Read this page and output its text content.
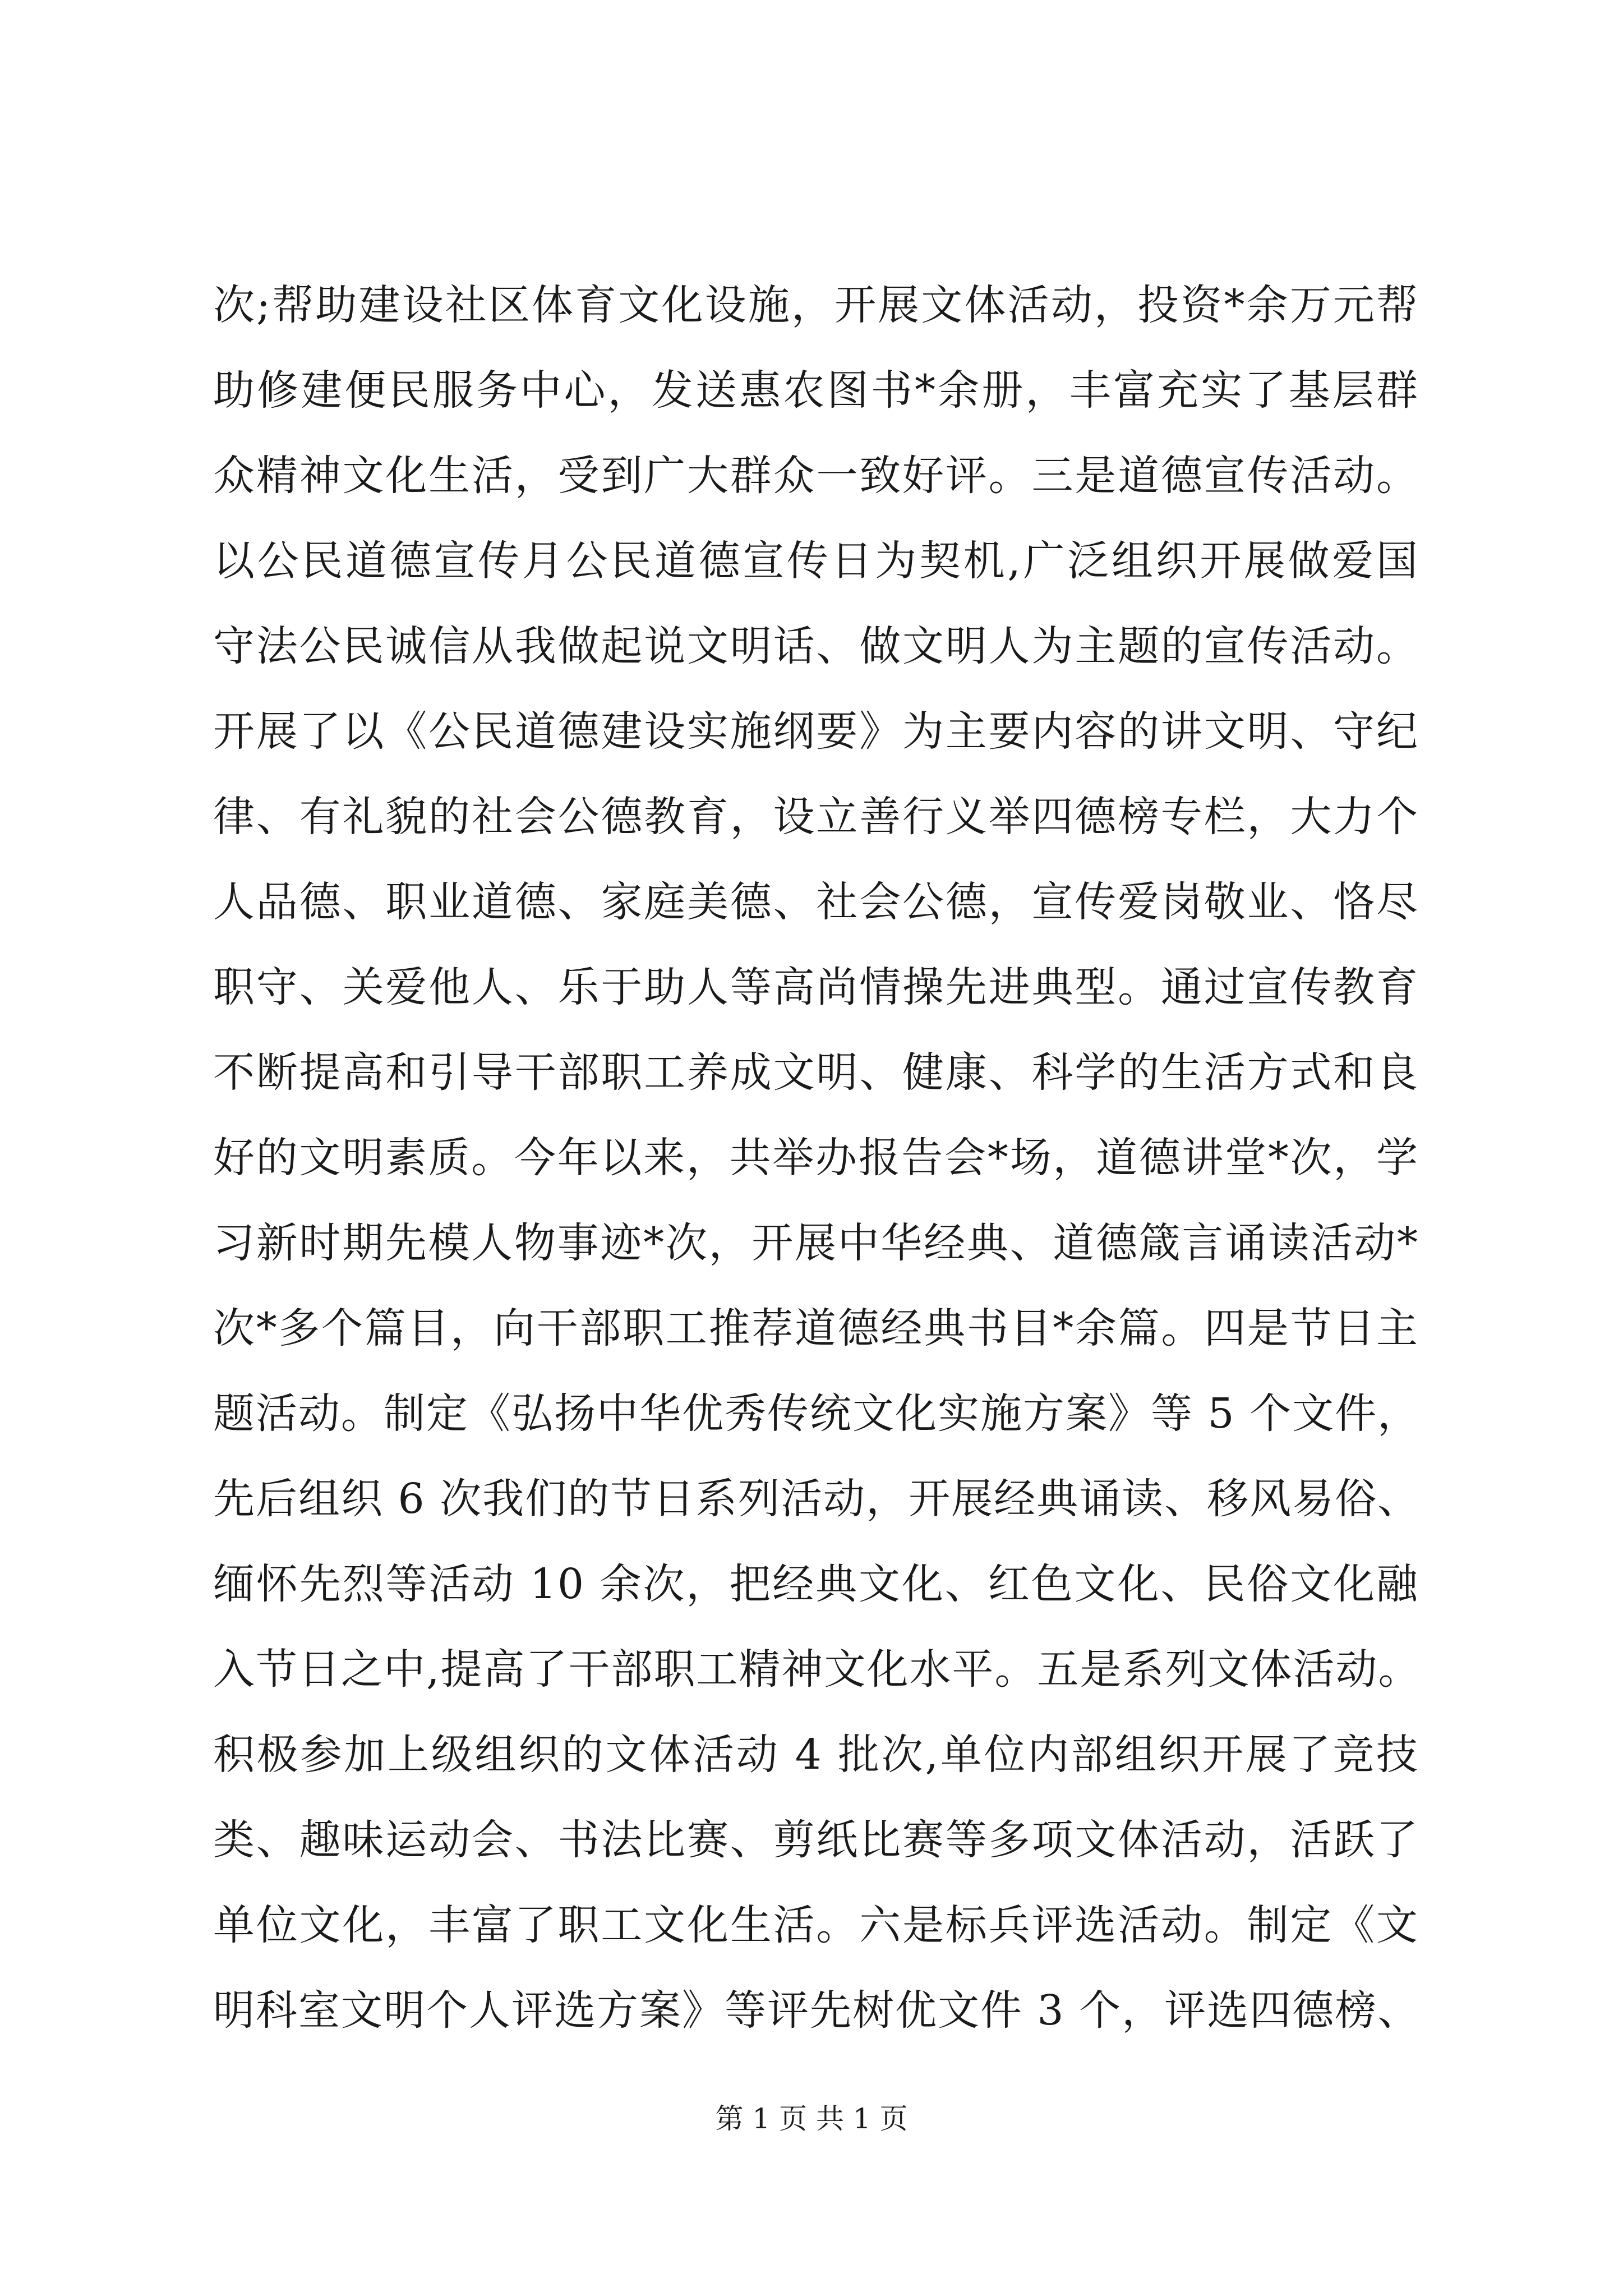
次;帮助建设社区体育文化设施，开展文体活动，投资*余万元帮
助修建便民服务中心，发送惠农图书*余册，丰富充实了基层群
众精神文化生活，受到广大群众一致好评。三是道德宣传活动。
以公民道德宣传月公民道德宣传日为契机,广泛组织开展做爱国
守法公民诚信从我做起说文明话、做文明人为主题的宣传活动。
开展了以《公民道德建设实施纲要》为主要内容的讲文明、守纪
律、有礼貌的社会公德教育，设立善行义举四德榜专栏，大力个
人品德、职业道德、家庭美德、社会公德，宣传爱岗敬业、恪尽
职守、关爱他人、乐于助人等高尚情操先进典型。通过宣传教育
不断提高和引导干部职工养成文明、健康、科学的生活方式和良
好的文明素质。今年以来，共举办报告会*场，道德讲堂*次，学
习新时期先模人物事迹*次，开展中华经典、道德箴言诵读活动*
次*多个篇目，向干部职工推荐道德经典书目*余篇。四是节日主
题活动。制定《弘扬中华优秀传统文化实施方案》等 5 个文件，
先后组织 6 次我们的节日系列活动，开展经典诵读、移风易俗、
缅怀先烈等活动 10 余次，把经典文化、红色文化、民俗文化融
入节日之中,提高了干部职工精神文化水平。五是系列文体活动。
积极参加上级组织的文体活动 4 批次,单位内部组织开展了竞技
类、趣味运动会、书法比赛、剪纸比赛等多项文体活动，活跃了
单位文化，丰富了职工文化生活。六是标兵评选活动。制定《文
明科室文明个人评选方案》等评先树优文件 3 个，评选四德榜、
第 1 页 共 1 页
